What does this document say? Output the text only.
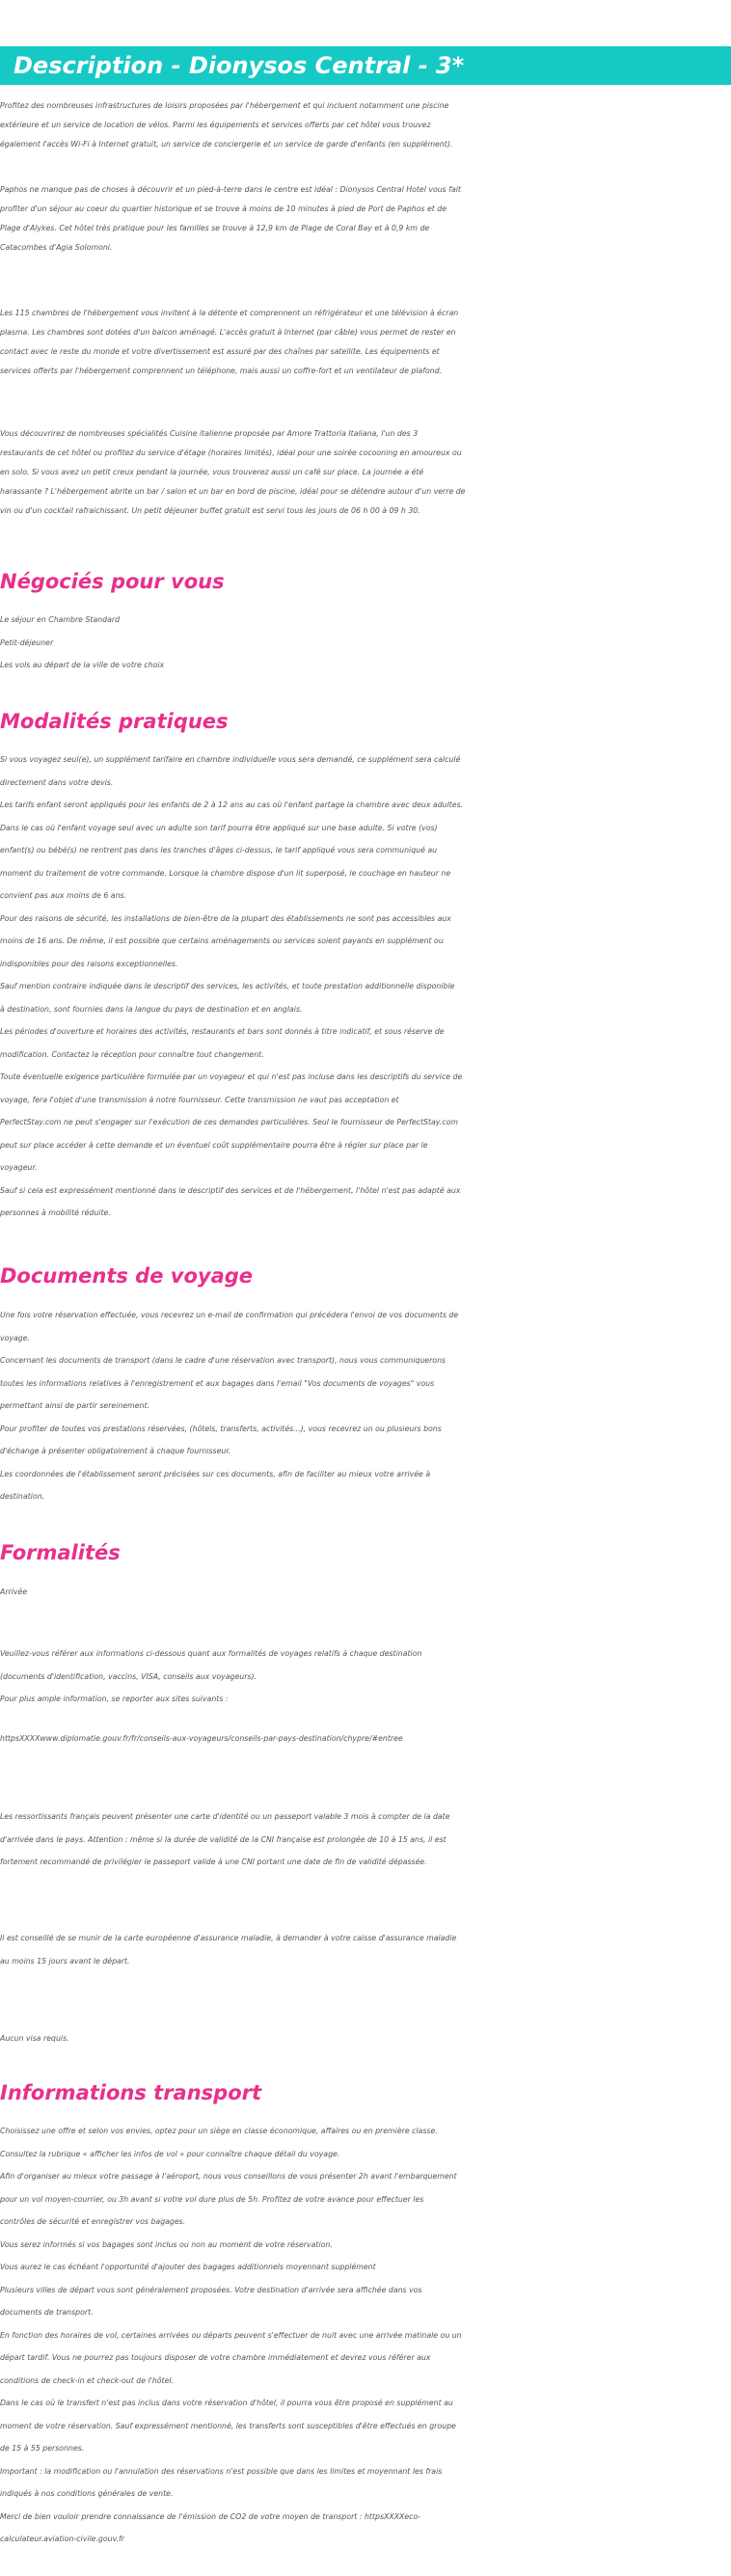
Description - Dionysos Central - 3*

Profitez des nombreuses infrastructures de loisirs proposées par l'hébergement et qui incluent notamment une piscine
extérieure et un service de location de vélos. Parmi les équipements et services offerts par cet hôtel vous trouvez
également l'accès Wi-Fi à Internet gratuit, un service de conciergerie et un service de garde d'enfants (en supplément).

Paphos ne manque pas de choses à découvrir et un pied-à-terre dans le centre est idéal : Dionysos Central Hotel vous fait
profiter d'un séjour au coeur du quartier historique et se trouve à moins de 10 minutes à pied de Port de Paphos et de
Plage d'Alykes. Cet hôtel très pratique pour les familles se trouve à 12,9 km de Plage de Coral Bay et à 0,9 km de
Catacombes d'Agia Solomoni.

Les 115 chambres de l'hébergement vous invitent à la détente et comprennent un réfrigérateur et une télévision à écran
plasma. Les chambres sont dotées d'un balcon aménagé. L'accès gratuit à Internet (par câble) vous permet de rester en
contact avec le reste du monde et votre divertissement est assuré par des chaînes par satellite. Les équipements et
services offerts par l'hébergement comprennent un téléphone, mais aussi un coffre-fort et un ventilateur de plafond.

Vous découvrirez de nombreuses spécialités Cuisine italienne proposée par Amore Trattoria Italiana, l'un des 3
restaurants de cet hôtel ou profitez du service d'étage (horaires limités), idéal pour une soirée cocooning en amoureux ou
en solo. Si vous avez un petit creux pendant la journée, vous trouverez aussi un café sur place. La journée a été
harassante ? L'hébergement abrite un bar / salon et un bar en bord de piscine, idéal pour se détendre autour d'un verre de
vin ou d'un cocktail rafraichissant. Un petit déjeuner buffet gratuit est servi tous les jours de 06 h 00 à 09 h 30.

Négociés pour vous
Le séjour en Chambre Standard
Petit-déjeuner
Les vols au départ de la ville de votre choix
Modalités pratiques

Si vous voyagez seul(e), un supplément tarifaire en chambre individuelle vous sera demandé, ce supplément sera calculé
directement dans votre devis.
Les tarifs enfant seront appliqués pour les enfants de 2 à 12 ans au cas où l'enfant partage la chambre avec deux adultes.
Dans le cas où l'enfant voyage seul avec un adulte son tarif pourra être appliqué sur une base adulte. Si votre (vos)
enfant(s) ou bébé(s) ne rentrent pas dans les tranches d'âges ci-dessus, le tarif appliqué vous sera communiqué au
moment du traitement de votre commande. Lorsque la chambre dispose d'un lit superposé, le couchage en hauteur ne
convient pas aux moins de 6 ans.
Pour des raisons de sécurité, les installations de bien-être de la plupart des établissements ne sont pas accessibles aux
moins de 16 ans. De même, il est possible que certains aménagements ou services soient payants en supplément ou
indisponibles pour des raisons exceptionnelles.
Sauf mention contraire indiquée dans le descriptif des services, les activités, et toute prestation additionnelle disponible
à destination, sont fournies dans la langue du pays de destination et en anglais.
Les périodes d'ouverture et horaires des activités, restaurants et bars sont donnés à titre indicatif, et sous réserve de
modification. Contactez la réception pour connaître tout changement.
Toute éventuelle exigence particulière formulée par un voyageur et qui n'est pas incluse dans les descriptifs du service de
voyage, fera l'objet d'une transmission à notre fournisseur. Cette transmission ne vaut pas acceptation et
PerfectStay.com ne peut s'engager sur l'exécution de ces demandes particulières. Seul le fournisseur de PerfectStay.com
peut sur place accéder à cette demande et un éventuel coût supplémentaire pourra être à régler sur place par le
voyageur.
Sauf si cela est expressément mentionné dans le descriptif des services et de l'hébergement, l'hôtel n'est pas adapté aux
personnes à mobilité réduite.

Documents de voyage

Une fois votre réservation effectuée, vous recevrez un e-mail de confirmation qui précédera l'envoi de vos documents de
voyage.
Concernant les documents de transport (dans le cadre d'une réservation avec transport), nous vous communiquerons
toutes les informations relatives à l'enregistrement et aux bagages dans l'email "Vos documents de voyages" vous
permettant ainsi de partir sereinement.
Pour profiter de toutes vos prestations réservées, (hôtels, transferts, activités...), vous recevrez un ou plusieurs bons
d'échange à présenter obligatoirement à chaque fournisseur.
Les coordonnées de l'établissement seront précisées sur ces documents, afin de faciliter au mieux votre arrivée à
destination.

Formalités
Arrivée

Veuillez-vous référer aux informations ci-dessous quant aux formalités de voyages relatifs à chaque destination
(documents d'identification, vaccins, VISA, conseils aux voyageurs).
Pour plus ample information, se reporter aux sites suivants :

httpsXXXXwww.diplomatie.gouv.fr/fr/conseils-aux-voyageurs/conseils-par-pays-destination/chypre/#entree

Les ressortissants français peuvent présenter une carte d'identité ou un passeport valable 3 mois à compter de la date
d'arrivée dans le pays. Attention : même si la durée de validité de la CNI française est prolongée de 10 à 15 ans, il est
fortement recommandé de privilégier le passeport valide à une CNI portant une date de fin de validité dépassée.

Il est conseillé de se munir de la carte européenne d'assurance maladie, à demander à votre caisse d'assurance maladie
au moins 15 jours avant le départ.

Aucun visa requis.
Informations transport

Choisissez une offre et selon vos envies, optez pour un siège en classe économique, affaires ou en première classe.
Consultez la rubrique « afficher les infos de vol » pour connaître chaque détail du voyage.
Afin d'organiser au mieux votre passage à l'aéroport, nous vous conseillons de vous présenter 2h avant l'embarquement
pour un vol moyen-courrier, ou 3h avant si votre vol dure plus de 5h. Profitez de votre avance pour effectuer les
contrôles de sécurité et enregistrer vos bagages.
Vous serez informés si vos bagages sont inclus ou non au moment de votre réservation.
Vous aurez le cas échéant l'opportunité d'ajouter des bagages additionnels moyennant supplément
Plusieurs villes de départ vous sont généralement proposées. Votre destination d'arrivée sera affichée dans vos
documents de transport.
En fonction des horaires de vol, certaines arrivées ou départs peuvent s'effectuer de nuit avec une arrivée matinale ou un
départ tardif. Vous ne pourrez pas toujours disposer de votre chambre immédiatement et devrez vous référer aux
conditions de check-in et check-out de l'hôtel.
Dans le cas où le transfert n'est pas inclus dans votre réservation d'hôtel, il pourra vous être proposé en supplément au
moment de votre réservation. Sauf expressément mentionné, les transferts sont susceptibles d'être effectués en groupe
de 15 à 55 personnes.
Important : la modification ou l'annulation des réservations n'est possible que dans les limites et moyennant les frais
indiqués à nos conditions générales de vente.
Merci de bien vouloir prendre connaissance de l'émission de CO2 de votre moyen de transport : httpsXXXXeco-
calculateur.aviation-civile.gouv.fr
